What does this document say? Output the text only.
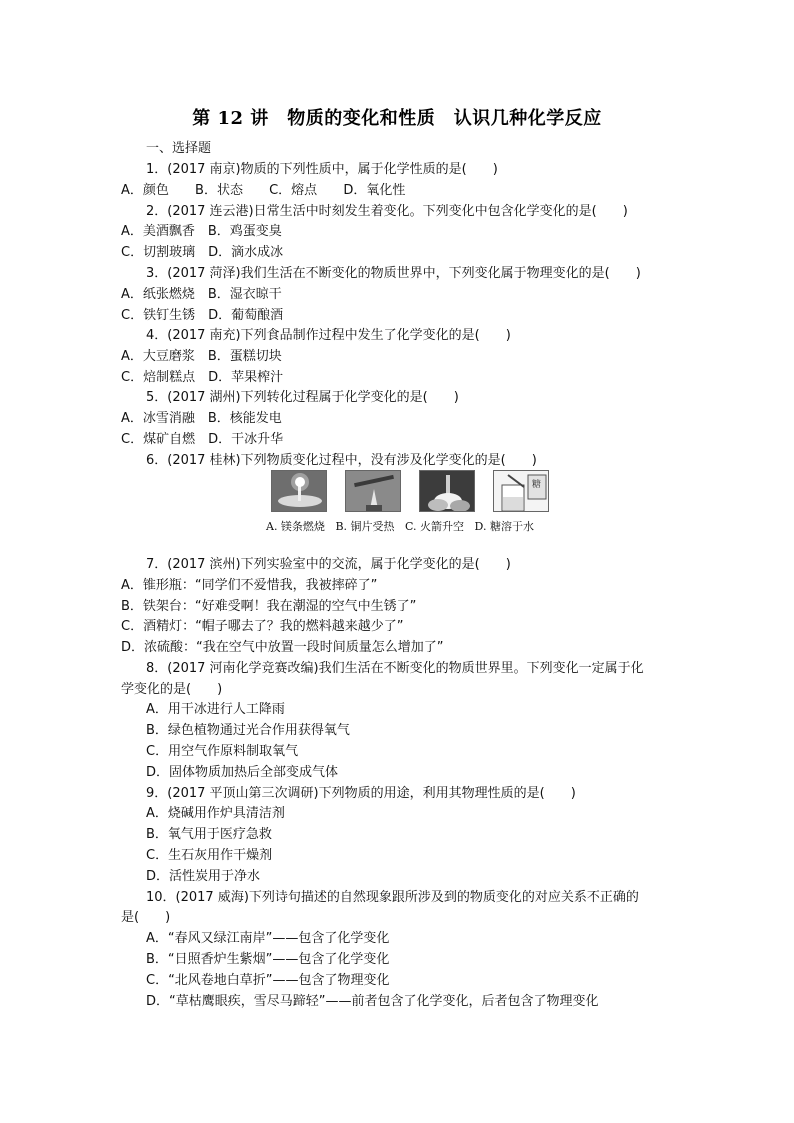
第 12 讲　物质的变化和性质　认识几种化学反应
一、选择题
1．(2017 南京)物质的下列性质中，属于化学性质的是(　　)
A．颜色 B．状态 C．熔点 D．氧化性
2．(2017 连云港)日常生活中时刻发生着变化。下列变化中包含化学变化的是(　　)
A．美酒飘香　B．鸡蛋变臭
C．切割玻璃　D．滴水成冰
3．(2017 菏泽)我们生活在不断变化的物质世界中，下列变化属于物理变化的是(　　)
A．纸张燃烧　B．湿衣晾干
C．铁钉生锈　D．葡萄酿酒
4．(2017 南充)下列食品制作过程中发生了化学变化的是(　　)
A．大豆磨浆　B．蛋糕切块
C．焙制糕点　D．苹果榨汁
5．(2017 湖州)下列转化过程属于化学变化的是(　　)
A．冰雪消融　B．核能发电
C．煤矿自燃　D．干冰升华
6．(2017 桂林)下列物质变化过程中，没有涉及化学变化的是(　　)
糖
A. 镁条燃烧 B. 铜片受热 C. 火箭升空 D. 糖溶于水
7．(2017 滨州)下列实验室中的交流，属于化学变化的是(　　)
A．锥形瓶：“同学们不爱惜我，我被摔碎了”
B．铁架台：“好难受啊！我在潮湿的空气中生锈了”
C．酒精灯：“帽子哪去了？我的燃料越来越少了”
D．浓硫酸：“我在空气中放置一段时间质量怎么增加了”
8．(2017 河南化学竞赛改编)我们生活在不断变化的物质世界里。下列变化一定属于化
学变化的是(　　)
A．用干冰进行人工降雨
B．绿色植物通过光合作用获得氧气
C．用空气作原料制取氧气
D．固体物质加热后全部变成气体
9．(2017 平顶山第三次调研)下列物质的用途，利用其物理性质的是(　　)
A．烧碱用作炉具清洁剂
B．氧气用于医疗急救
C．生石灰用作干燥剂
D．活性炭用于净水
10．(2017 威海)下列诗句描述的自然现象跟所涉及到的物质变化的对应关系不正确的
是(　　)
A．“春风又绿江南岸”——包含了化学变化
B．“日照香炉生紫烟”——包含了化学变化
C．“北风卷地白草折”——包含了物理变化
D．“草枯鹰眼疾，雪尽马蹄轻”——前者包含了化学变化，后者包含了物理变化
